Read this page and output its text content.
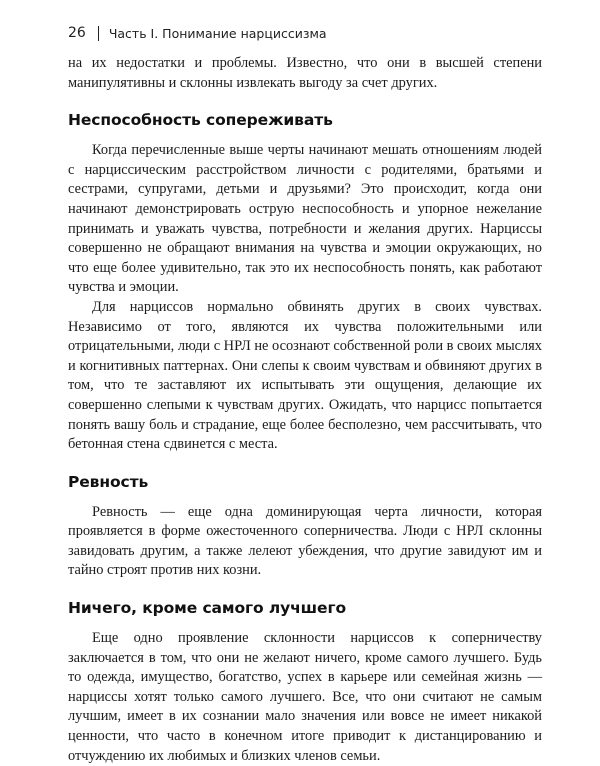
26 Часть I. Понимание нарциссизма

на их недостатки и проблемы. Известно, что они в высшей степени манипулятивны и склонны извлекать выгоду за счет других.

Неспособность сопереживать

Когда перечисленные выше черты начинают мешать отношениям людей с нарциссическим расстройством личности с родителями, братьями и сестрами, супругами, детьми и друзьями? Это происходит, когда они начинают демонстрировать острую неспособность и упорное нежелание принимать и уважать чувства, потребности и желания других. Нарциссы совершенно не обращают внимания на чувства и эмоции окружающих, но что еще более удивительно, так это их неспособность понять, как работают чувства и эмоции.

Для нарциссов нормально обвинять других в своих чувствах. Независимо от того, являются их чувства положительными или отрицательными, люди с НРЛ не осознают собственной роли в своих мыслях и когнитивных паттернах. Они слепы к своим чувствам и обвиняют других в том, что те заставляют их испытывать эти ощущения, делающие их совершенно слепыми к чувствам других. Ожидать, что нарцисс попытается понять вашу боль и страдание, еще более бесполезно, чем рассчитывать, что бетонная стена сдвинется с места.

Ревность

Ревность — еще одна доминирующая черта личности, которая проявляется в форме ожесточенного соперничества. Люди с НРЛ склонны завидовать другим, а также лелеют убеждения, что другие завидуют им и тайно строят против них козни.

Ничего, кроме самого лучшего

Еще одно проявление склонности нарциссов к соперничеству заключается в том, что они не желают ничего, кроме самого лучшего. Будь то одежда, имущество, богатство, успех в карьере или семейная жизнь — нарциссы хотят только самого лучшего. Все, что они считают не самым лучшим, имеет в их сознании мало значения или вовсе не имеет никакой ценности, что часто в конечном итоге приводит к дистанцированию и отчуждению их любимых и близких членов семьи.
